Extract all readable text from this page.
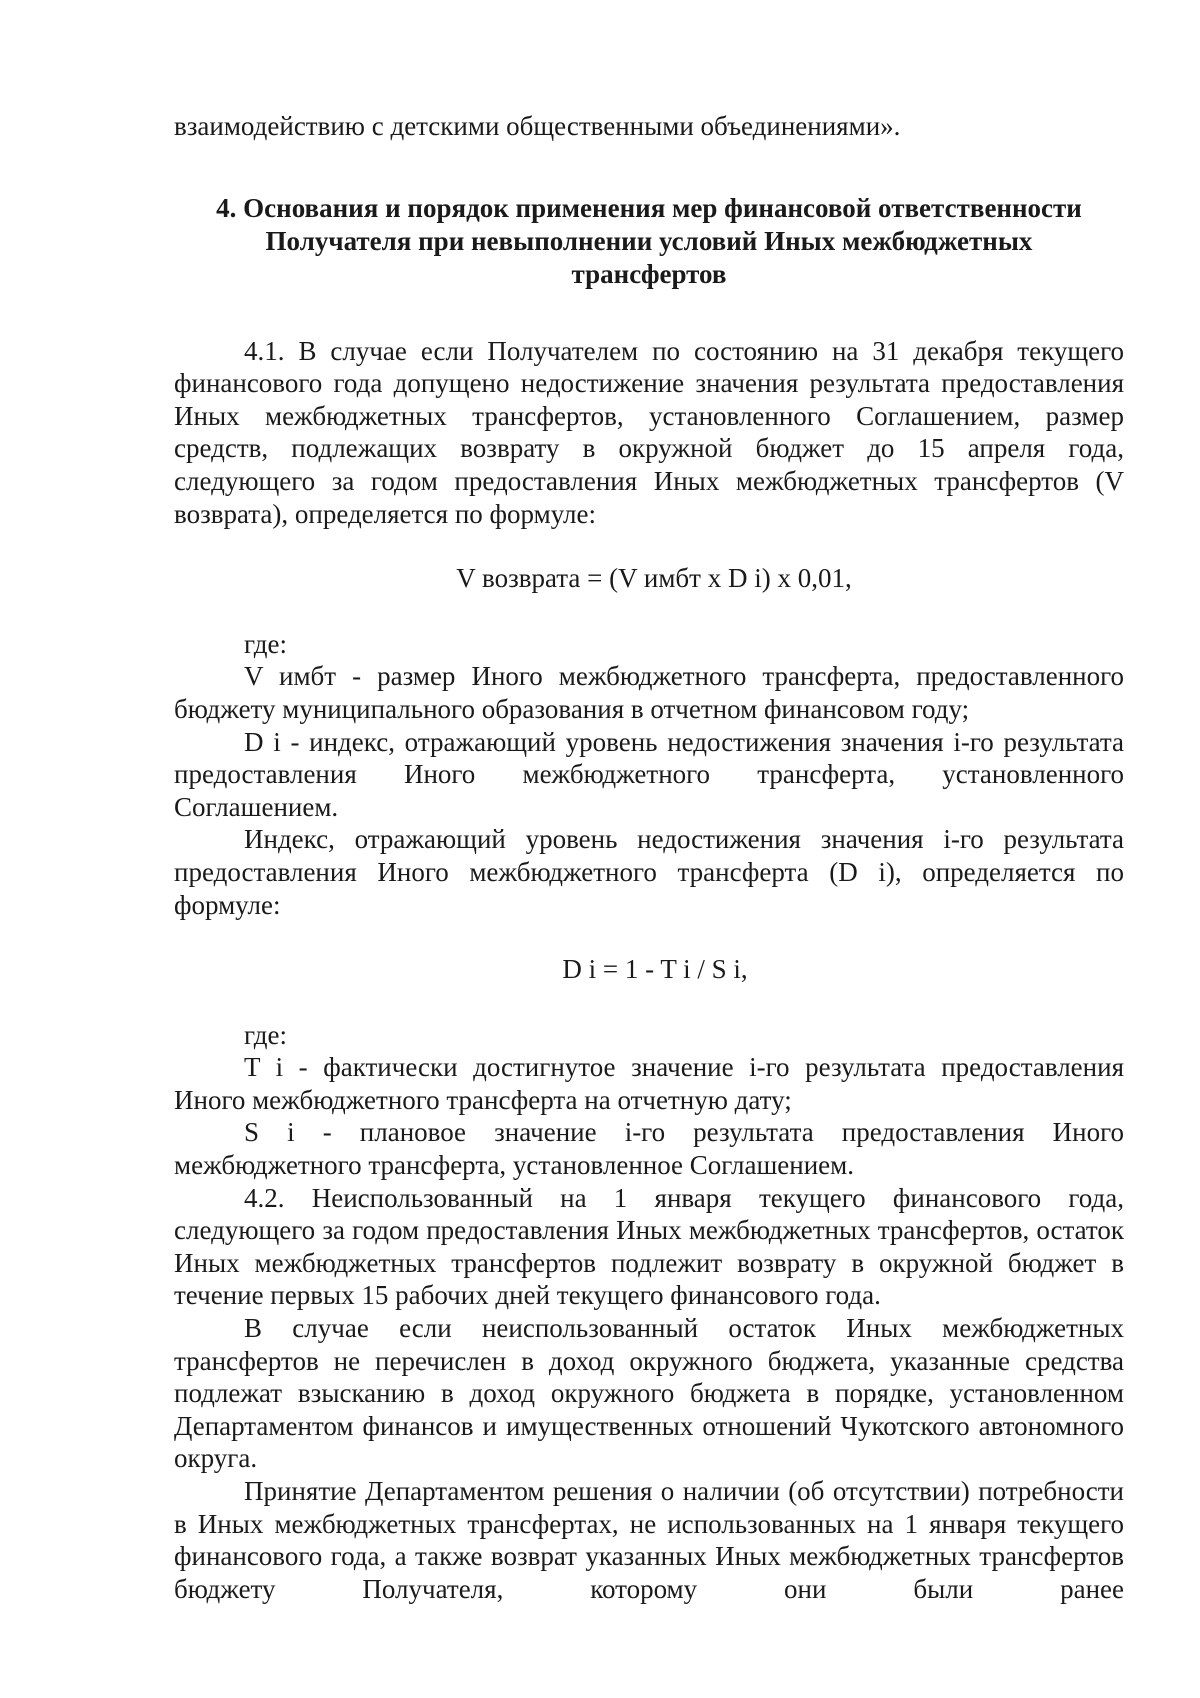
взаимодействию с детскими общественными объединениями».

4. Основания и порядок применения мер финансовой ответственности
Получателя при невыполнении условий Иных межбюджетных
трансфертов

4.1. В случае если Получателем по состоянию на 31 декабря текущего финансового года допущено недостижение значения результата предоставления Иных межбюджетных трансфертов, установленного Соглашением, размер средств, подлежащих возврату в окружной бюджет до 15 апреля года, следующего за годом предоставления Иных межбюджетных трансфертов (V возврата), определяется по формуле:

V возврата = (V имбт x D i) x 0,01,

где:

V имбт - размер Иного межбюджетного трансферта, предоставленного бюджету муниципального образования в отчетном финансовом году;

D i - индекс, отражающий уровень недостижения значения i-го результата предоставления Иного межбюджетного трансферта, установленного Соглашением.

Индекс, отражающий уровень недостижения значения i-го результата предоставления Иного межбюджетного трансферта (D i), определяется по формуле:

D i = 1 - T i / S i,

где:

T i - фактически достигнутое значение i-го результата предоставления Иного межбюджетного трансферта на отчетную дату;

S i - плановое значение i-го результата предоставления Иного межбюджетного трансферта, установленное Соглашением.

4.2. Неиспользованный на 1 января текущего финансового года, следующего за годом предоставления Иных межбюджетных трансфертов, остаток Иных межбюджетных трансфертов подлежит возврату в окружной бюджет в течение первых 15 рабочих дней текущего финансового года.

В случае если неиспользованный остаток Иных межбюджетных трансфертов не перечислен в доход окружного бюджета, указанные средства подлежат взысканию в доход окружного бюджета в порядке, установленном Департаментом финансов и имущественных отношений Чукотского автономного округа.

Принятие Департаментом решения о наличии (об отсутствии) потребности в Иных межбюджетных трансфертах, не использованных на 1 января текущего финансового года, а также возврат указанных Иных межбюджетных трансфертов бюджету Получателя, которому они были ранее
